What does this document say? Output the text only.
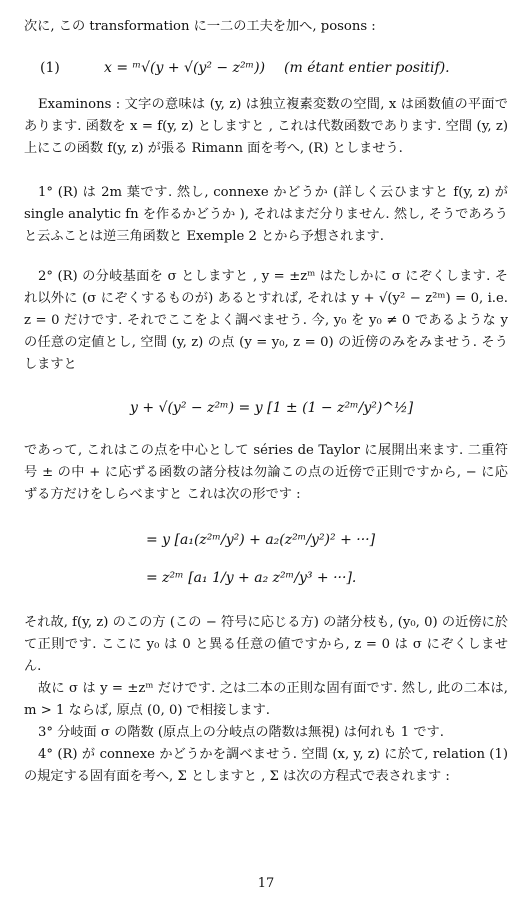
次に, この transformation に一二の工夫を加へ, posons :

(1)	x = ᵐ√(y + √(y² − z²ᵐ)) (m étant entier positif).

Examinons : 文字の意味は (y, z) は独立複素変数の空間, x は函数値の平面であります. 函数を x = f(y, z) としますと , これは代数函数であります. 空間 (y, z) 上にこの函数 f(y, z) が張る Rimann 面を考へ, (R) としませう.

1° (R) は 2m 葉です. 然し, connexe かどうか (詳しく云ひますと f(y, z) が single analytic fn を作るかどうか ), それはまだ分りません. 然し, そうであろうと云ふことは逆三角函数と Exemple 2 とから予想されます.

2° (R) の分岐基面を σ としますと , y = ±zᵐ はたしかに σ にぞくします. それ以外に (σ にぞくするものが) あるとすれば, それは y + √(y² − z²ᵐ) = 0, i.e. z = 0 だけです. それでここをよく調べませう. 今, y₀ を y₀ ≠ 0 であるような y の任意の定値とし, 空間 (y, z) の点 (y = y₀, z = 0) の近傍のみをみませう. そうしますと

y + √(y² − z²ᵐ) = y [1 ± (1 − z²ᵐ/y²)^½]

であって, これはこの点を中心として séries de Taylor に展開出来ます. 二重符号 ± の中 + に応ずる函数の諸分枝は勿論この点の近傍で正則ですから, − に応ずる方だけをしらべますと これは次の形です :

= y [a₁(z²ᵐ/y²) + a₂(z²ᵐ/y²)² + ···]
= z²ᵐ [a₁ 1/y + a₂ z²ᵐ/y³ + ···].

それ故, f(y, z) のこの方 (この − 符号に応じる方) の諸分枝も, (y₀, 0) の近傍に於て正則です. ここに y₀ は 0 と異る任意の値ですから, z = 0 は σ にぞくしません.

故に σ は y = ±zᵐ だけです. 之は二本の正則な固有面です. 然し, 此の二本は, m > 1 ならば, 原点 (0, 0) で相接します.

3° 分岐面 σ の階数 (原点上の分岐点の階数は無視) は何れも 1 です.

4° (R) が connexe かどうかを調べませう. 空間 (x, y, z) に於て, relation (1) の規定する固有面を考へ, Σ としますと , Σ は次の方程式で表されます :

17
